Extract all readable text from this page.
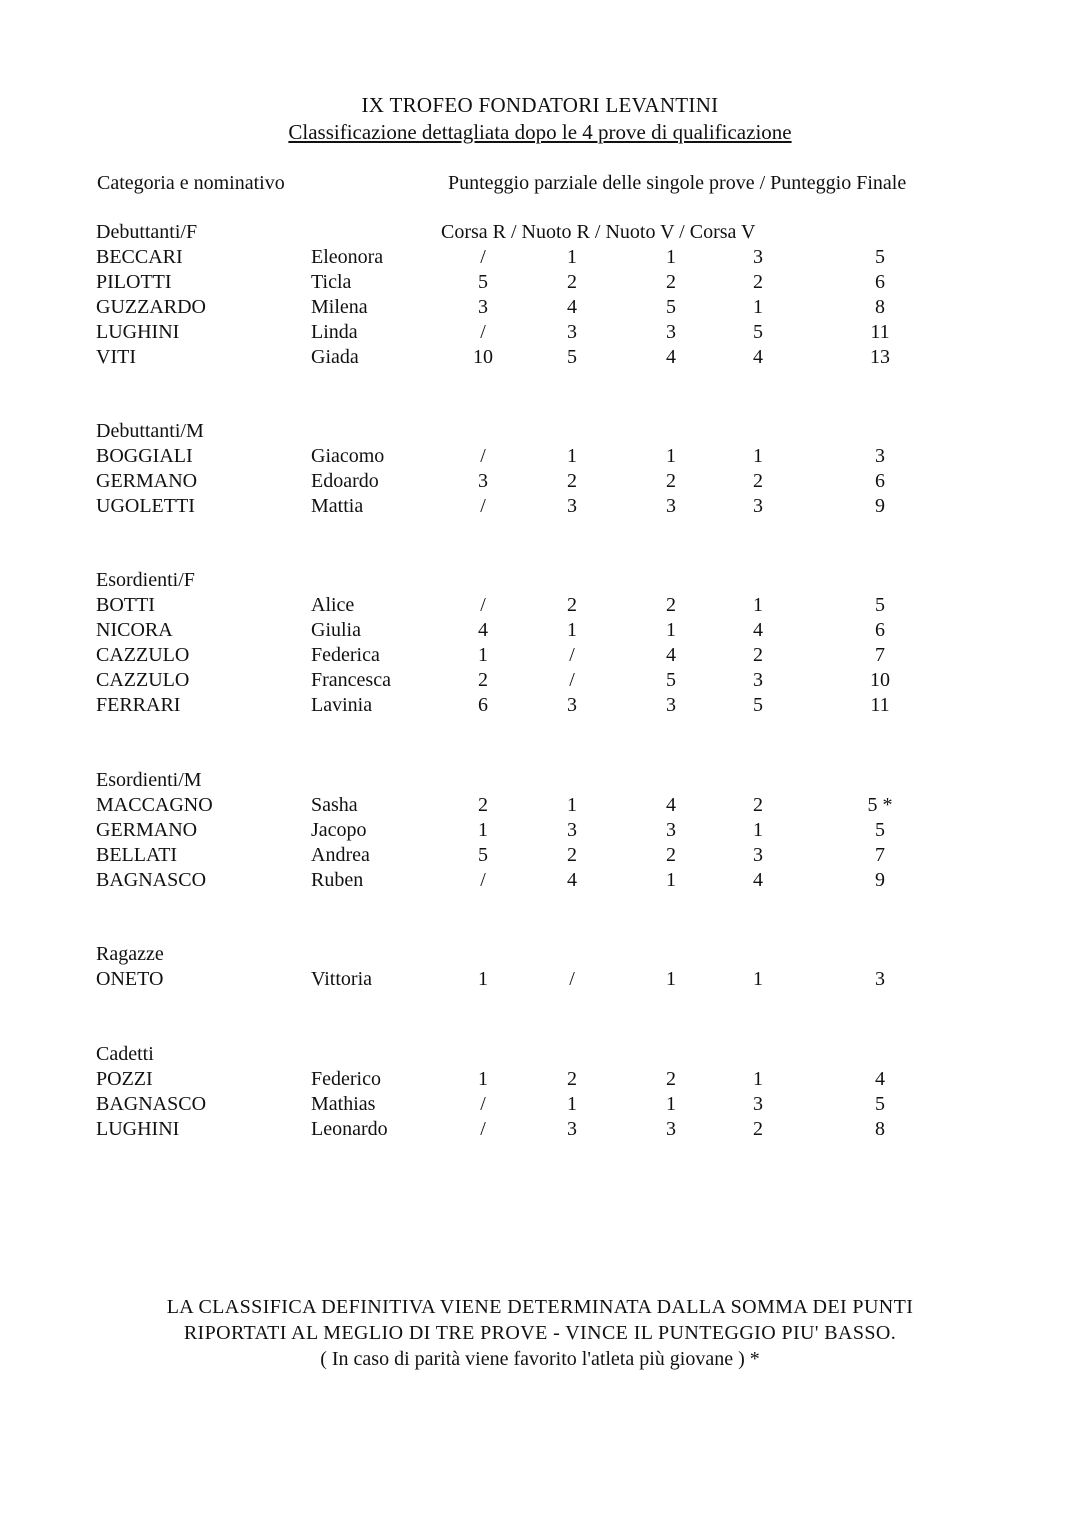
IX TROFEO FONDATORI LEVANTINI
Classificazione dettagliata dopo le 4 prove di qualificazione
Categoria e nominativo	Punteggio parziale delle singole prove / Punteggio Finale
Debuttanti/F	Corsa R / Nuoto R / Nuoto V / Corsa V
BECCARI	Eleonora	/	1	1	3	5
PILOTTI	Ticla	5	2	2	2	6
GUZZARDO	Milena	3	4	5	1	8
LUGHINI	Linda	/	3	3	5	11
VITI	Giada	10	5	4	4	13
Debuttanti/M
BOGGIALI	Giacomo	/	1	1	1	3
GERMANO	Edoardo	3	2	2	2	6
UGOLETTI	Mattia	/	3	3	3	9
Esordienti/F
BOTTI	Alice	/	2	2	1	5
NICORA	Giulia	4	1	1	4	6
CAZZULO	Federica	1	/	4	2	7
CAZZULO	Francesca	2	/	5	3	10
FERRARI	Lavinia	6	3	3	5	11
Esordienti/M
MACCAGNO	Sasha	2	1	4	2	5 *
GERMANO	Jacopo	1	3	3	1	5
BELLATI	Andrea	5	2	2	3	7
BAGNASCO	Ruben	/	4	1	4	9
Ragazze
ONETO	Vittoria	1	/	1	1	3
Cadetti
POZZI	Federico	1	2	2	1	4
BAGNASCO	Mathias	/	1	1	3	5
LUGHINI	Leonardo	/	3	3	2	8
LA CLASSIFICA DEFINITIVA VIENE DETERMINATA DALLA SOMMA DEI PUNTI
RIPORTATI AL MEGLIO DI TRE PROVE - VINCE IL PUNTEGGIO PIU' BASSO.
( In caso di parità viene favorito l'atleta più giovane ) *
